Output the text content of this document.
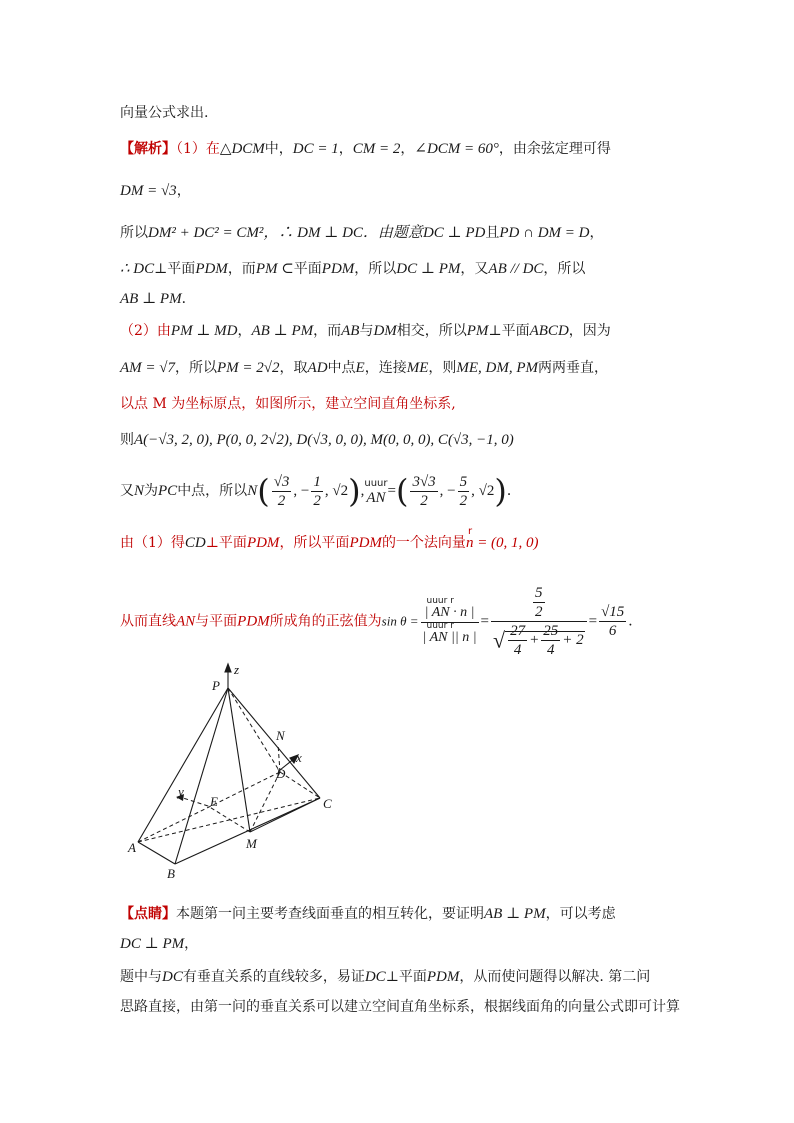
向量公式求出.
【解析】（1）在△DCM中，DC = 1，CM = 2，∠DCM = 60°，由余弦定理可得
DM = √3，
所以DM² + DC² = CM²，∴ DM ⊥ DC．由题意DC ⊥ PD且PD ∩ DM = D，
∴ DC⊥平面PDM，而PM ⊂平面PDM，所以DC ⊥ PM，又AB // DC，所以
AB ⊥ PM．
（2）由PM ⊥ MD，AB ⊥ PM，而AB与DM相交，所以PM⊥平面ABCD，因为
AM = √7，所以PM = 2√2，取AD中点E，连接ME，则ME, DM, PM两两垂直，
以点 M 为坐标原点，如图所示，建立空间直角坐标系,
则A(−√3, 2, 0), P(0, 0, 2√2), D(√3, 0, 0), M(0, 0, 0), C(√3, −1, 0)
又N为PC中点，所以$N( \frac{√3}{2}$ , − $\frac{1}{2}$ , √2), uuur
AN =( $\frac{3√3}{2}$ , − $\frac{5}{2}$ , √2)．
由（1）得CD⊥平面PDM，所以平面PDM的一个法向量
r
n = (0, 1, 0)
从而直线AN与平面PDM所成角的正弦值为sin θ = uuur r
| AN · n |
uuur r
| AN || n | = $\frac{\frac{5}{2}}{√ \frac{27}{4} + \frac{25}{4} + 2} = \frac{√15}{6}$ ．
P
z
N
x
D
y
E	C
A	M
B
【点睛】本题第一问主要考查线面垂直的相互转化，要证明AB ⊥ PM，可以考虑
DC ⊥ PM，
题中与DC有垂直关系的直线较多，易证DC⊥平面PDM，从而使问题得以解决. 第二问
思路直接，由第一问的垂直关系可以建立空间直角坐标系，根据线面角的向量公式即可计算
